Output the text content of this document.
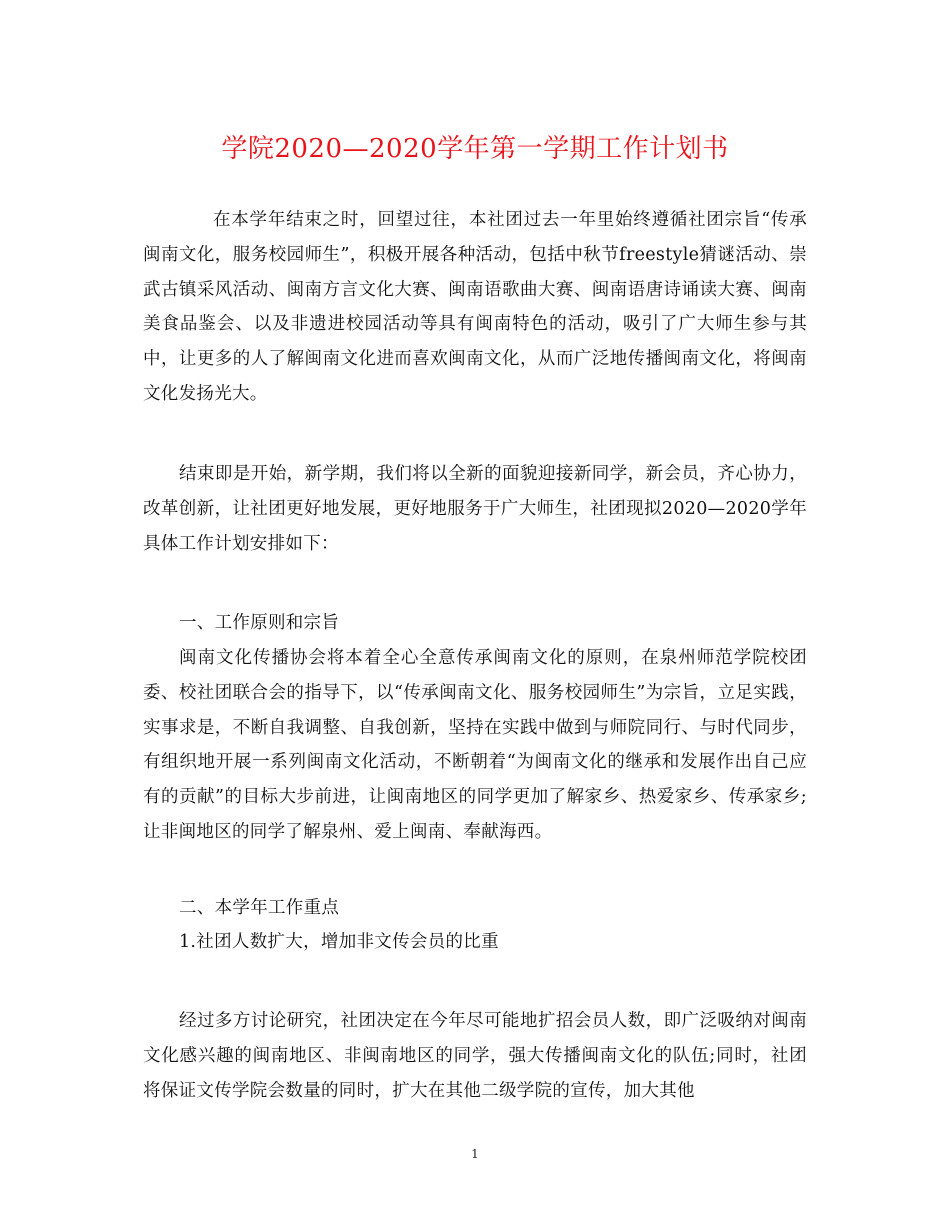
学院2020—2020学年第一学期工作计划书

在本学年结束之时，回望过往，本社团过去一年里始终遵循社团宗旨“传承闽南文化，服务校园师生”，积极开展各种活动，包括中秋节freestyle猜谜活动、崇武古镇采风活动、闽南方言文化大赛、闽南语歌曲大赛、闽南语唐诗诵读大赛、闽南美食品鉴会、以及非遗进校园活动等具有闽南特色的活动，吸引了广大师生参与其中，让更多的人了解闽南文化进而喜欢闽南文化，从而广泛地传播闽南文化，将闽南文化发扬光大。

结束即是开始，新学期，我们将以全新的面貌迎接新同学，新会员，齐心协力，改革创新，让社团更好地发展，更好地服务于广大师生，社团现拟2020—2020学年具体工作计划安排如下：

一、工作原则和宗旨

闽南文化传播协会将本着全心全意传承闽南文化的原则，在泉州师范学院校团委、校社团联合会的指导下，以“传承闽南文化、服务校园师生”为宗旨，立足实践，实事求是，不断自我调整、自我创新，坚持在实践中做到与师院同行、与时代同步，有组织地开展一系列闽南文化活动，不断朝着“为闽南文化的继承和发展作出自己应有的贡献”的目标大步前进，让闽南地区的同学更加了解家乡、热爱家乡、传承家乡;让非闽地区的同学了解泉州、爱上闽南、奉献海西。

二、本学年工作重点

1.社团人数扩大，增加非文传会员的比重

经过多方讨论研究，社团决定在今年尽可能地扩招会员人数，即广泛吸纳对闽南文化感兴趣的闽南地区、非闽南地区的同学，强大传播闽南文化的队伍;同时，社团将保证文传学院会数量的同时，扩大在其他二级学院的宣传，加大其他

1
